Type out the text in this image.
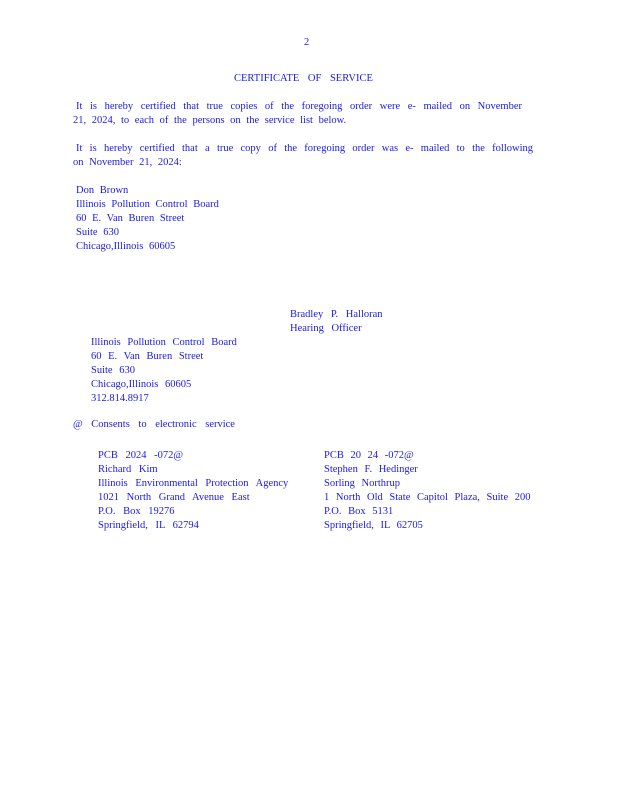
2
CERTIFICATE OF SERVICE
It is hereby certified that true copies of the foregoing order were e- mailed on November
21, 2024, to each of the persons on the service list below.
It is hereby certified that a true copy of the foregoing order was e- mailed to the following
on November 21, 2024:
Don Brown
Illinois Pollution Control Board
60 E. Van Buren Street
Suite 630
Chicago,Illinois 60605
Bradley P. Halloran
Hearing Officer
Illinois Pollution Control Board
60 E. Van Buren Street
Suite 630
Chicago,Illinois 60605
312.814.8917
@ Consents to electronic service
PCB 2024 -072@
Richard Kim
Illinois Environmental Protection Agency
1021 North Grand Avenue East
P.O. Box 19276
Springfield, IL 62794
PCB 20 24 -072@
Stephen F. Hedinger
Sorling Northrup
1 North Old State Capitol Plaza, Suite 200
P.O. Box 5131
Springfield, IL 62705
